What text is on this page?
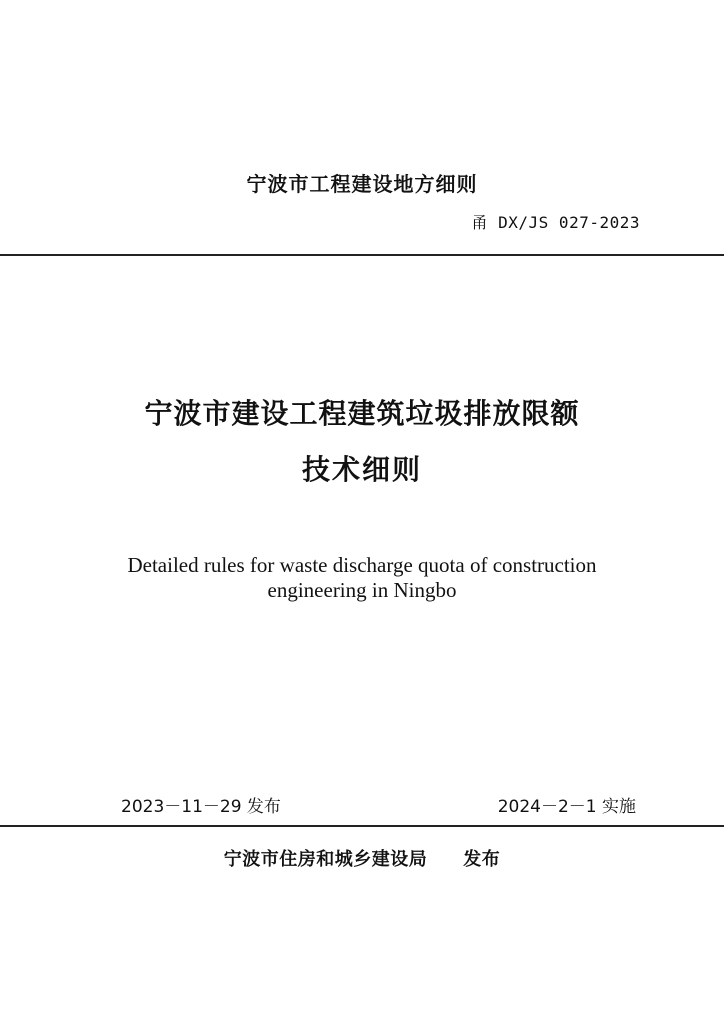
宁波市工程建设地方细则
甬 DX/JS 027-2023
宁波市建设工程建筑垃圾排放限额
技术细则
Detailed rules for waste discharge quota of construction
engineering in Ningbo
2023－11－29 发布	2024－2－1 实施
宁波市住房和城乡建设局 发布
